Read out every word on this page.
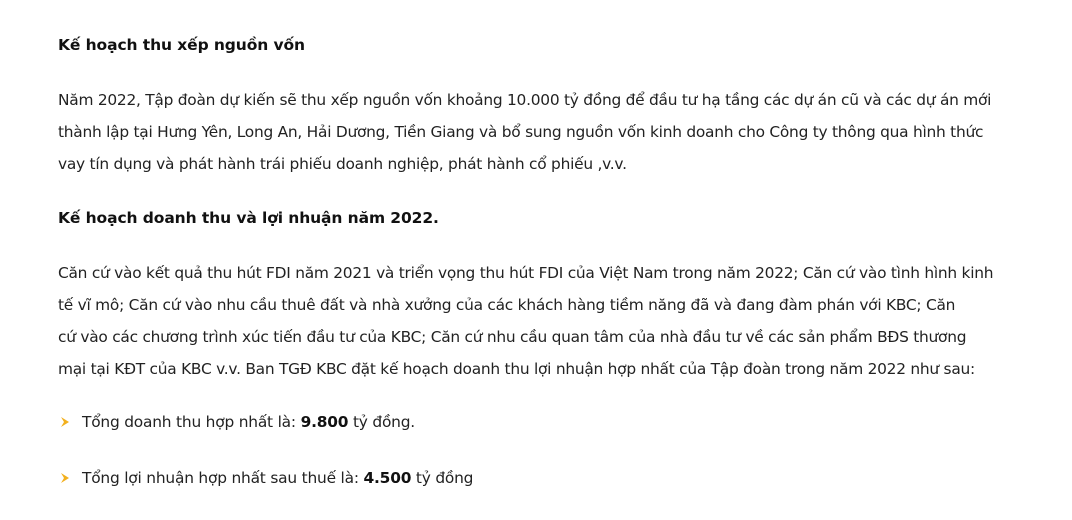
Kế hoạch thu xếp nguồn vốn
Năm 2022, Tập đoàn dự kiến sẽ thu xếp nguồn vốn khoảng 10.000 tỷ đồng để đầu tư hạ tầng các dự án cũ và các dự án mới
thành lập tại Hưng Yên, Long An, Hải Dương, Tiền Giang và bổ sung nguồn vốn kinh doanh cho Công ty thông qua hình thức
vay tín dụng và phát hành trái phiếu doanh nghiệp, phát hành cổ phiếu ,v.v.
Kế hoạch doanh thu và lợi nhuận năm 2022.
Căn cứ vào kết quả thu hút FDI năm 2021 và triển vọng thu hút FDI của Việt Nam trong năm 2022; Căn cứ vào tình hình kinh
tế vĩ mô; Căn cứ vào nhu cầu thuê đất và nhà xưởng của các khách hàng tiềm năng đã và đang đàm phán với KBC; Căn
cứ vào các chương trình xúc tiến đầu tư của KBC; Căn cứ nhu cầu quan tâm của nhà đầu tư về các sản phẩm BĐS thương
mại tại KĐT của KBC v.v. Ban TGĐ KBC đặt kế hoạch doanh thu lợi nhuận hợp nhất của Tập đoàn trong năm 2022 như sau:
Tổng doanh thu hợp nhất là: 9.800 tỷ đồng.
Tổng lợi nhuận hợp nhất sau thuế là: 4.500 tỷ đồng
